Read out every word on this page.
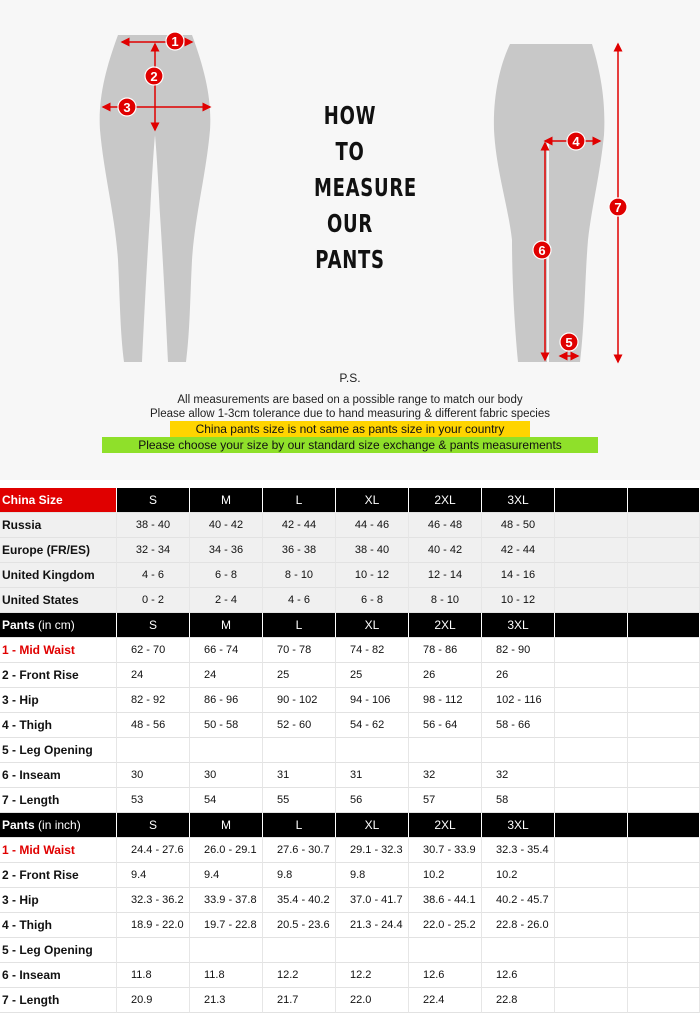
1
2
3
4
5
6
7
HOW
TO
MEASURE
OUR
PANTS
P.S.
All measurements are based on a possible range to match our body
Please allow 1-3cm tolerance due to hand measuring & different fabric species
China pants size is not same as pants size in your country
Please choose your size by our standard size exchange & pants measurements
China Size	S	M	L	XL	2XL	3XL		
Russia	38 - 40	40 - 42	42 - 44	44 - 46	46 - 48	48 - 50		
Europe (FR/ES)	32 - 34	34 - 36	36 - 38	38 - 40	40 - 42	42 - 44		
United Kingdom	4 - 6	6 - 8	8 - 10	10 - 12	12 - 14	14 - 16		
United States	0 - 2	2 - 4	4 - 6	6 - 8	8 - 10	10 - 12		
Pants (in cm)	S	M	L	XL	2XL	3XL		
1 - Mid Waist	62 - 70	66 - 74	70 - 78	74 - 82	78 - 86	82 - 90		
2 - Front Rise	24	24	25	25	26	26		
3 - Hip	82 - 92	86 - 96	90 - 102	94 - 106	98 - 112	102 - 116		
4 - Thigh	48 - 56	50 - 58	52 - 60	54 - 62	56 - 64	58 - 66		
5 - Leg Opening								
6 - Inseam	30	30	31	31	32	32		
7 - Length	53	54	55	56	57	58		
Pants (in inch)	S	M	L	XL	2XL	3XL		
1 - Mid Waist	24.4 - 27.6	26.0 - 29.1	27.6 - 30.7	29.1 - 32.3	30.7 - 33.9	32.3 - 35.4		
2 - Front Rise	9.4	9.4	9.8	9.8	10.2	10.2		
3 - Hip	32.3 - 36.2	33.9 - 37.8	35.4 - 40.2	37.0 - 41.7	38.6 - 44.1	40.2 - 45.7		
4 - Thigh	18.9 - 22.0	19.7 - 22.8	20.5 - 23.6	21.3 - 24.4	22.0 - 25.2	22.8 - 26.0		
5 - Leg Opening								
6 - Inseam	11.8	11.8	12.2	12.2	12.6	12.6		
7 - Length	20.9	21.3	21.7	22.0	22.4	22.8		
